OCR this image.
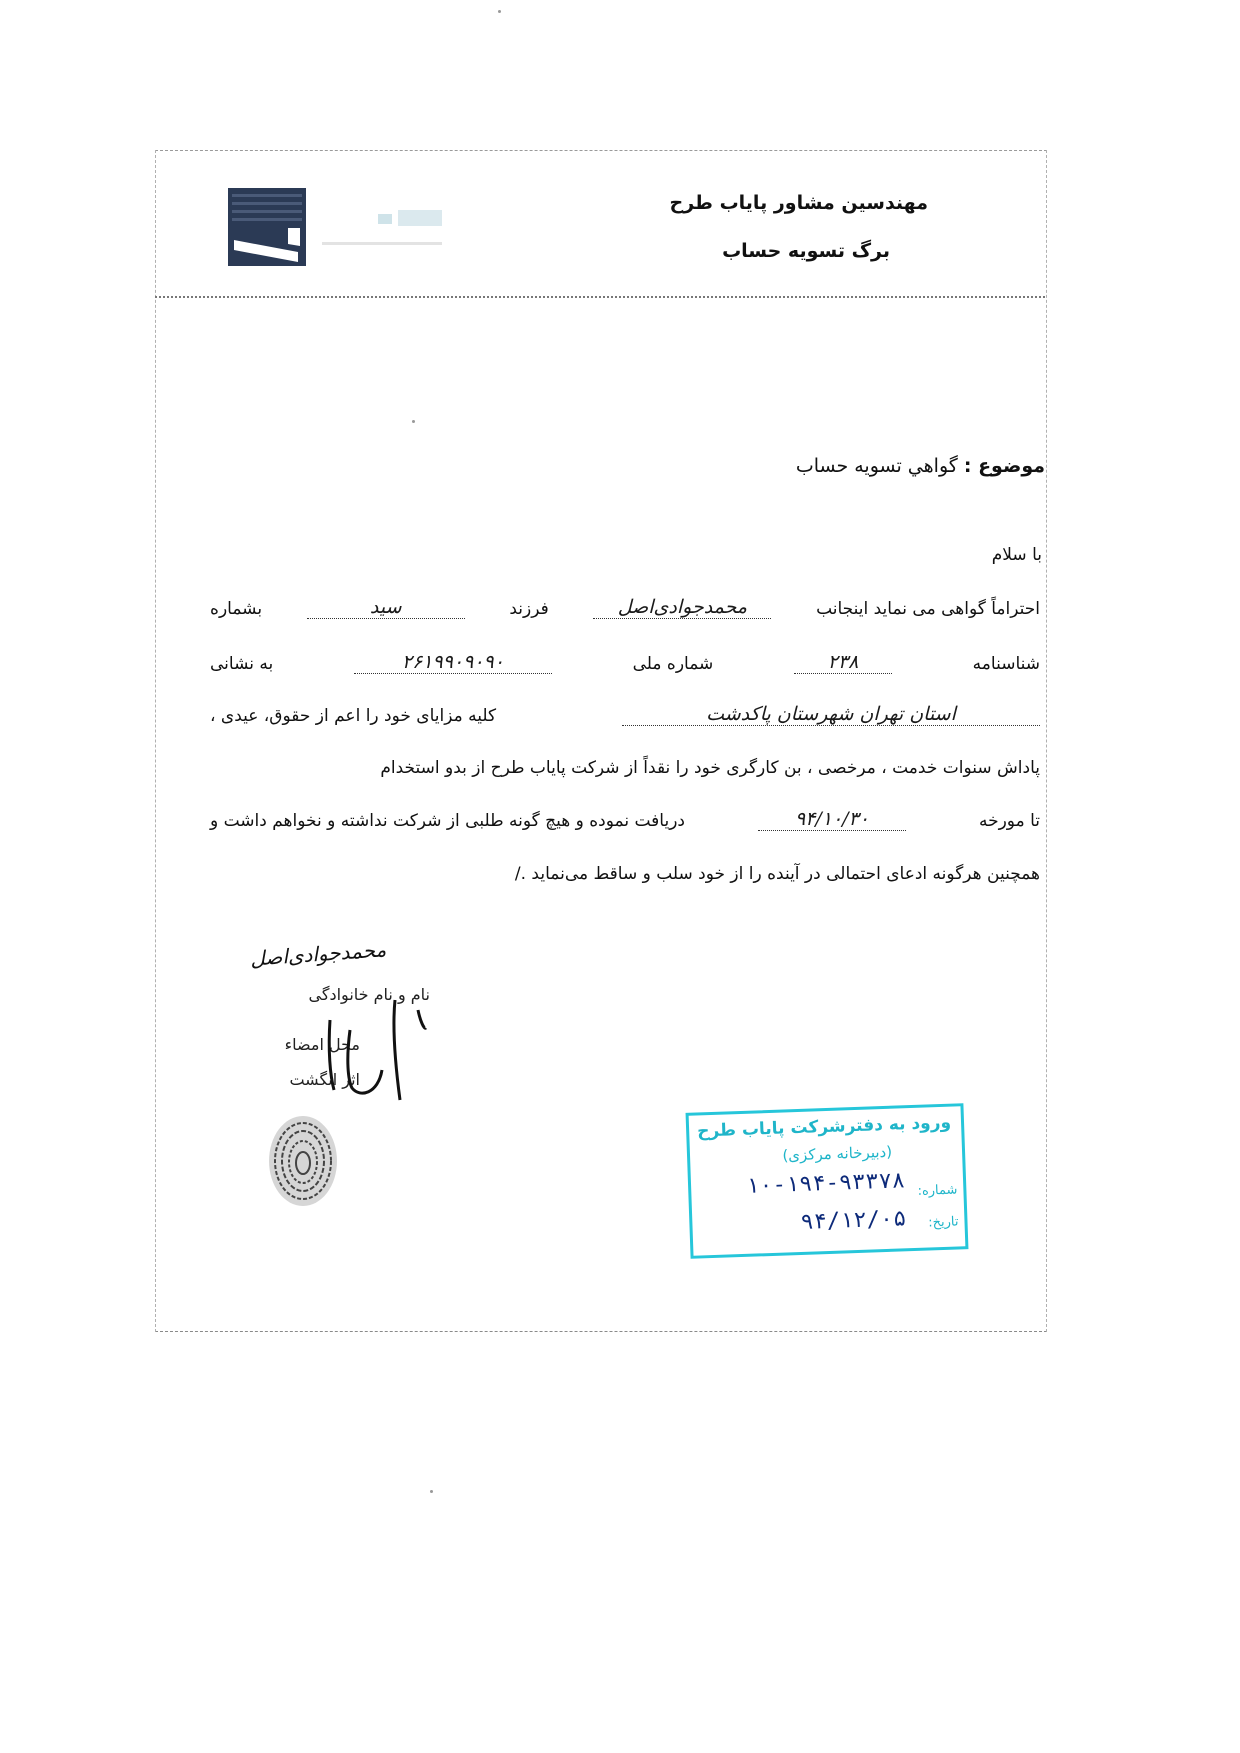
مهندسین مشاور پایاب طرح
برگ تسویه حساب
موضوع : گواهي تسويه حساب
با سلام
احتراماً گواهی می نماید اینجانب
محمدجوادی‌اصل
فرزند
سید
بشماره
شناسنامه
۲۳۸
شماره ملی
۲۶۱۹۹۰۹۰۹۰
به نشانی
استان تهران شهرستان پاکدشت
کلیه مزایای خود را اعم از حقوق، عیدی ،
پاداش سنوات خدمت ، مرخصی ، بن کارگری خود را نقداً از شرکت پایاب طرح از بدو استخدام
تا مورخه
۹۴/۱۰/۳۰
دریافت نموده و هیچ گونه طلبی از شرکت نداشته و نخواهم داشت و
همچنین هرگونه ادعای احتمالی در آینده را از خود سلب و ساقط می‌نماید ./
محمدجوادی‌اصل
نام و نام خانوادگی
محل امضاء
اثر انگشت
ورود به دفترشرکت پایاب طرح
(دبیرخانه مرکزی)
شماره:
۱۰-۱۹۴-۹۳۳۷۸
تاریخ:
۹۴/۱۲/۰۵
